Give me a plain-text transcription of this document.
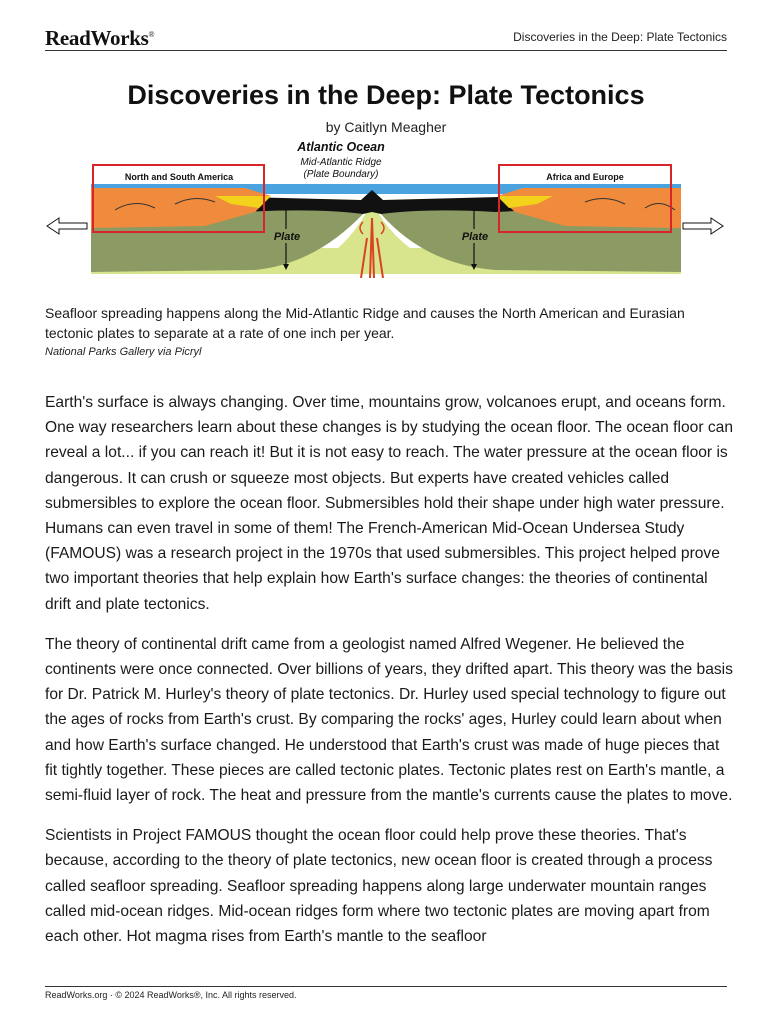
ReadWorks®	Discoveries in the Deep: Plate Tectonics
Discoveries in the Deep: Plate Tectonics
by Caitlyn Meagher
Atlantic Ocean
Mid-Atlantic Ridge
(Plate Boundary)
North and South America	Africa and Europe
Plate	Plate
Seafloor spreading happens along the Mid-Atlantic Ridge and causes the North American and Eurasian tectonic plates to separate at a rate of one inch per year.
National Parks Gallery via Picryl

Earth's surface is always changing. Over time, mountains grow, volcanoes erupt, and oceans form. One way researchers learn about these changes is by studying the ocean floor. The ocean floor can reveal a lot... if you can reach it! But it is not easy to reach. The water pressure at the ocean floor is dangerous. It can crush or squeeze most objects. But experts have created vehicles called submersibles to explore the ocean floor. Submersibles hold their shape under high water pressure. Humans can even travel in some of them! The French-American Mid-Ocean Undersea Study (FAMOUS) was a research project in the 1970s that used submersibles. This project helped prove two important theories that help explain how Earth's surface changes: the theories of continental drift and plate tectonics.

The theory of continental drift came from a geologist named Alfred Wegener. He believed the continents were once connected. Over billions of years, they drifted apart. This theory was the basis for Dr. Patrick M. Hurley's theory of plate tectonics. Dr. Hurley used special technology to figure out the ages of rocks from Earth's crust. By comparing the rocks' ages, Hurley could learn about when and how Earth's surface changed. He understood that Earth's crust was made of huge pieces that fit tightly together. These pieces are called tectonic plates. Tectonic plates rest on Earth's mantle, a semi-fluid layer of rock. The heat and pressure from the mantle's currents cause the plates to move.

Scientists in Project FAMOUS thought the ocean floor could help prove these theories. That's because, according to the theory of plate tectonics, new ocean floor is created through a process called seafloor spreading. Seafloor spreading happens along large underwater mountain ranges called mid-ocean ridges. Mid-ocean ridges form where two tectonic plates are moving apart from each other. Hot magma rises from Earth's mantle to the seafloor

ReadWorks.org · © 2024 ReadWorks®, Inc. All rights reserved.
